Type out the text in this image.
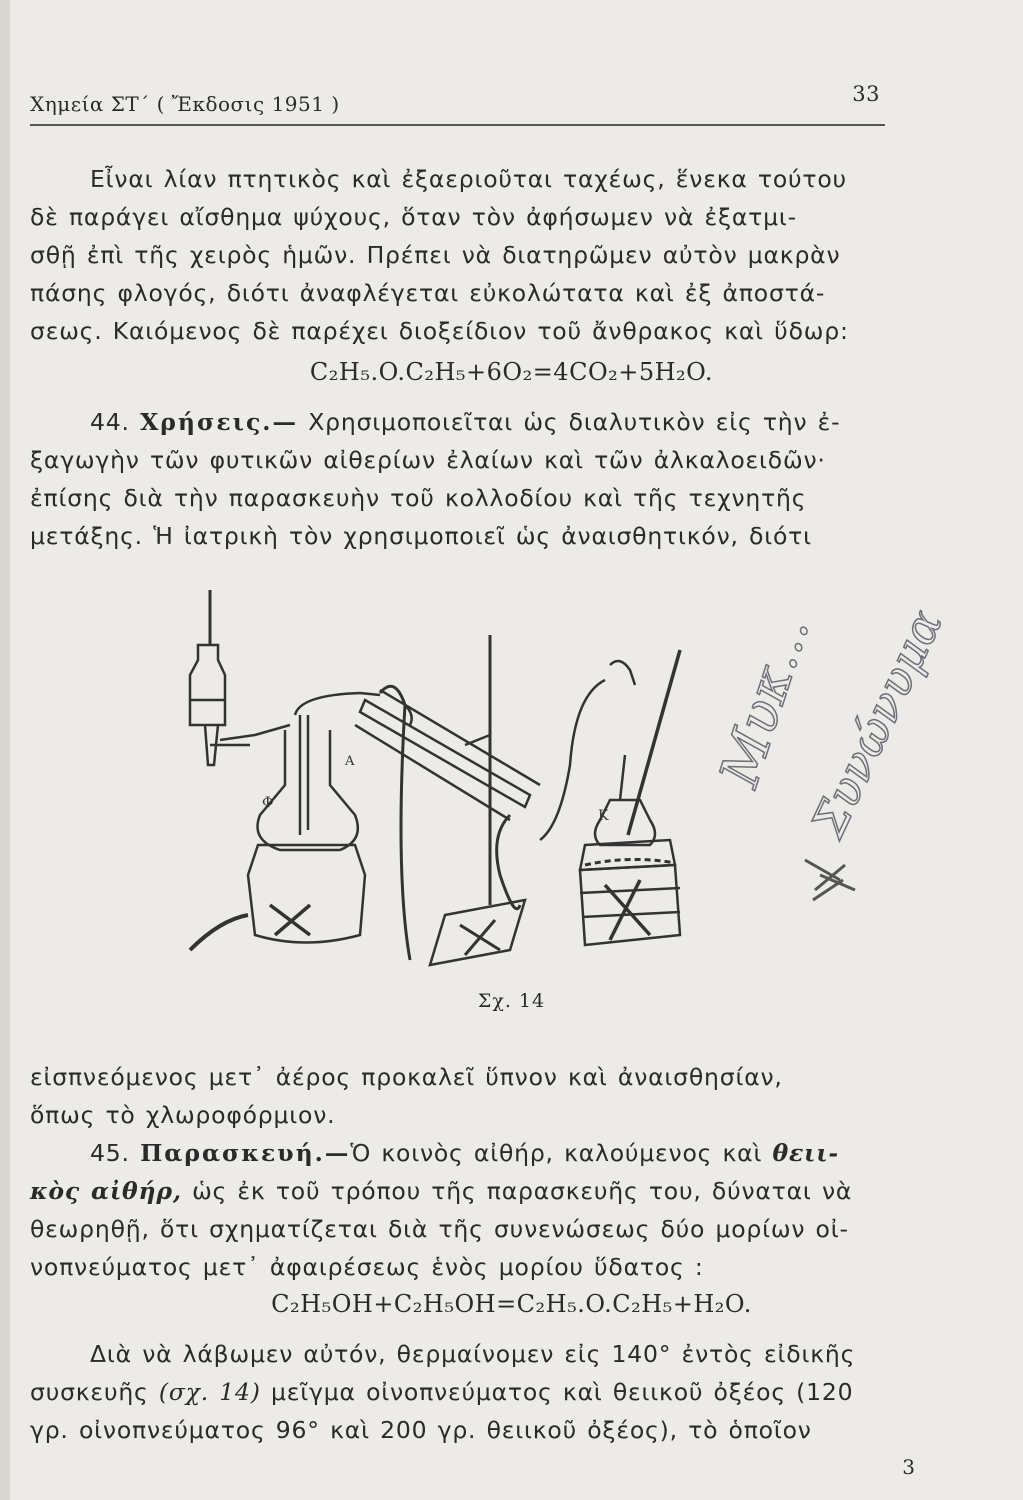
Χημεία ΣΤ΄ ( Ἔκδοσις 1951 )	33

Εἶναι λίαν πτητικὸς καὶ ἐξαεριοῦται ταχέως, ἕνεκα τούτου

δὲ παράγει αἴσθημα ψύχους, ὅταν τὸν ἀφήσωμεν νὰ ἐξατμι-

σθῇ ἐπὶ τῆς χειρὸς ἡμῶν. Πρέπει νὰ διατηρῶμεν αὐτὸν μακρὰν

πάσης φλογός, διότι ἀναφλέγεται εὐκολώτατα καὶ ἐξ ἀποστά-

σεως. Καιόμενος δὲ παρέχει διοξείδιον τοῦ ἄνθρακος καὶ ὕδωρ:

C₂H₅.O.C₂H₅+6O₂=4CO₂+5H₂O.

44. Χρήσεις.— Χρησιμοποιεῖται ὡς διαλυτικὸν εἰς τὴν ἐ-

ξαγωγὴν τῶν φυτικῶν αἰθερίων ἐλαίων καὶ τῶν ἀλκαλοειδῶν·

ἐπίσης διὰ τὴν παρασκευὴν τοῦ κολλοδίου καὶ τῆς τεχνητῆς

μετάξης. Ἡ ἰατρικὴ τὸν χρησιμοποιεῖ ὡς ἀναισθητικόν, διότι

Α
Φ
Κ
Σχ. 14
Μυκ...
Συνώνυμα

εἰσπνεόμενος μετ᾽ ἀέρος προκαλεῖ ὕπνον καὶ ἀναισθησίαν,

ὅπως τὸ χλωροφόρμιον.

45. Παρασκευή.—Ὁ κοινὸς αἰθήρ, καλούμενος καὶ θειι-

κὸς αἰθήρ, ὡς ἐκ τοῦ τρόπου τῆς παρασκευῆς του, δύναται νὰ

θεωρηθῇ, ὅτι σχηματίζεται διὰ τῆς συνενώσεως δύο μορίων οἰ-

νοπνεύματος μετ᾽ ἀφαιρέσεως ἑνὸς μορίου ὕδατος :

C₂H₅OH+C₂H₅OH=C₂H₅.O.C₂H₅+H₂O.

Διὰ νὰ λάβωμεν αὐτόν, θερμαίνομεν εἰς 140° ἐντὸς εἰδικῆς

συσκευῆς (σχ. 14) μεῖγμα οἰνοπνεύματος καὶ θειικοῦ ὀξέος (120

γρ. οἰνοπνεύματος 96° καὶ 200 γρ. θειικοῦ ὀξέος), τὸ ὁποῖον

3
